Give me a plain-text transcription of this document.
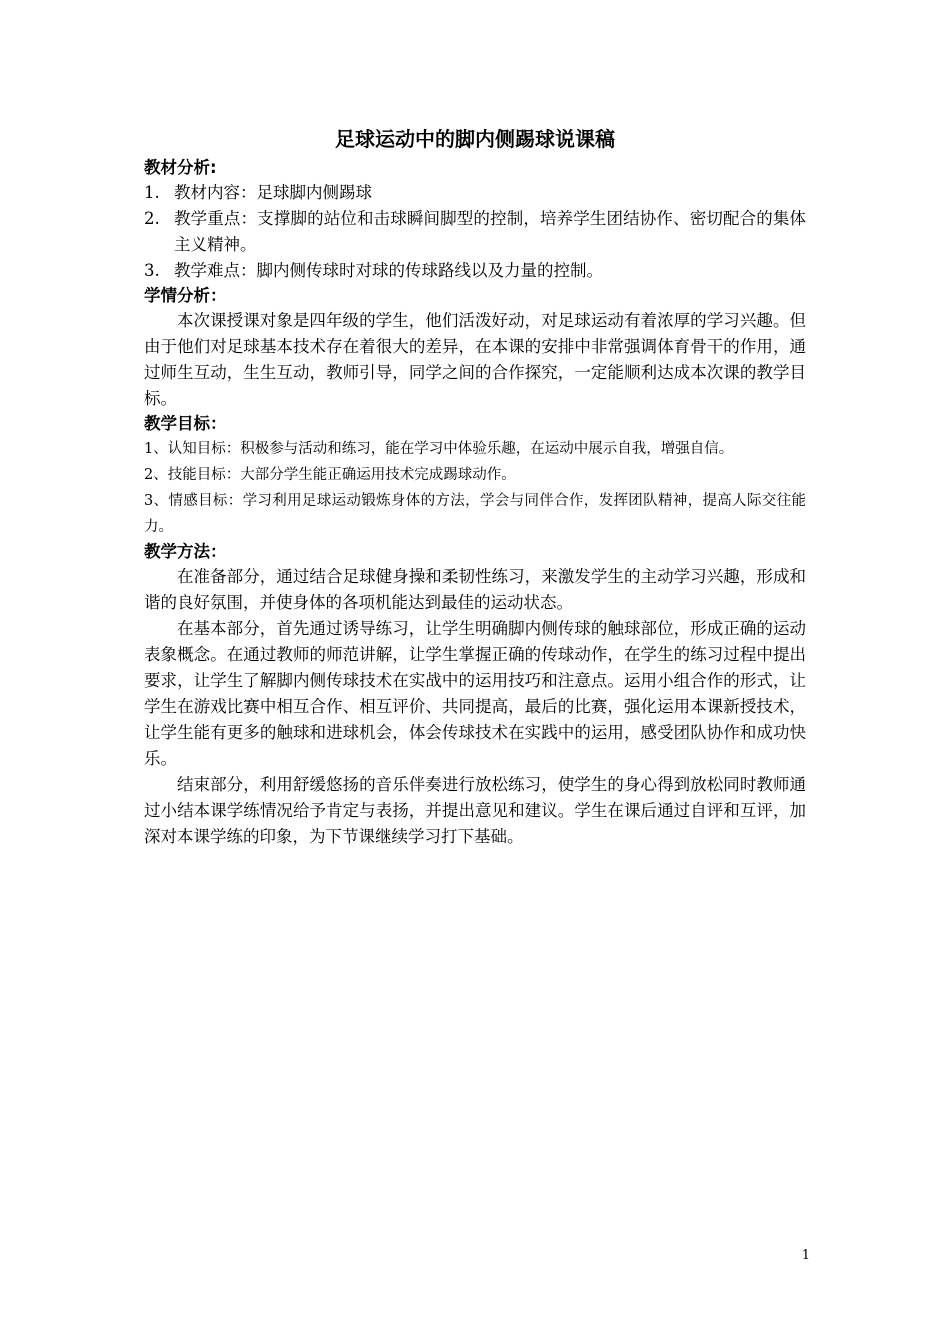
足球运动中的脚内侧踢球说课稿
教材分析:
1. 教材内容：足球脚内侧踢球
2. 教学重点：支撑脚的站位和击球瞬间脚型的控制，培养学生团结协作、密切配合的集体主义精神。
3. 教学难点：脚内侧传球时对球的传球路线以及力量的控制。
学情分析：

本次课授课对象是四年级的学生，他们活泼好动，对足球运动有着浓厚的学习兴趣。但由于他们对足球基本技术存在着很大的差异，在本课的安排中非常强调体育骨干的作用，通过师生互动，生生互动，教师引导，同学之间的合作探究，一定能顺利达成本次课的教学目标。

教学目标：

1、认知目标：积极参与活动和练习，能在学习中体验乐趣，在运动中展示自我，增强自信。

2、技能目标：大部分学生能正确运用技术完成踢球动作。

3、情感目标：学习利用足球运动锻炼身体的方法，学会与同伴合作，发挥团队精神，提高人际交往能力。

教学方法：

在准备部分，通过结合足球健身操和柔韧性练习，来激发学生的主动学习兴趣，形成和谐的良好氛围，并使身体的各项机能达到最佳的运动状态。

在基本部分，首先通过诱导练习，让学生明确脚内侧传球的触球部位，形成正确的运动表象概念。在通过教师的师范讲解，让学生掌握正确的传球动作，在学生的练习过程中提出要求，让学生了解脚内侧传球技术在实战中的运用技巧和注意点。运用小组合作的形式，让学生在游戏比赛中相互合作、相互评价、共同提高，最后的比赛，强化运用本课新授技术，让学生能有更多的触球和进球机会，体会传球技术在实践中的运用，感受团队协作和成功快乐。

结束部分，利用舒缓悠扬的音乐伴奏进行放松练习，使学生的身心得到放松同时教师通过小结本课学练情况给予肯定与表扬，并提出意见和建议。学生在课后通过自评和互评，加深对本课学练的印象，为下节课继续学习打下基础。

1
